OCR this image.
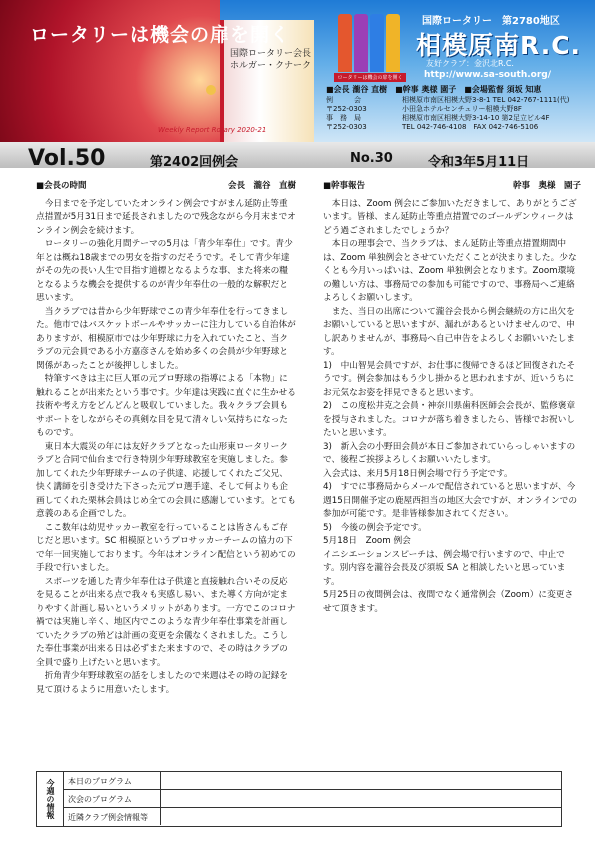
ロータリーは機会の扉を開く
国際ロータリー会長
ホルガー・クナーク
Weekly Report Rotary 2020-21
ロータリーは機会の扉を開く
国際ロータリー　第2780地区
相模原南R.C.
友好クラブ：金沢北R.C.
http://www.sa-south.org/
■会長 瀧谷 直樹　■幹事 奥様 園子　■会場監督 須坂 知恵
例　　　会	相模原市南区相模大野3-8-1 TEL 042-767-1111(代)
〒252-0303	小田急ホテルセンチュリー相模大野8F
事　務　局	相模原市南区相模大野3-14-10 第2足立ビル4F
〒252-0303	TEL 042-746-4108　FAX 042-746-5106
Vol.50	第2402回例会	No.30	令和3年5月11日
■会長の時間	会長　瀧谷　直樹

今日までを予定していたオンライン例会ですがまん延防止等重点措置が5月31日まで延長されましたので残念ながら今月末までオンライン例会を続けます。

ロータリーの強化月間テーマの5月は「青少年奉仕」です。青少年とは概ね18歳までの男女を指すのだそうです。そして青少年達がその先の長い人生で目指す道標となるような事、また将来の糧となるような機会を提供するのが青少年奉仕の一般的な解釈だと思います。

当クラブでは昔から少年野球でこの青少年奉仕を行ってきました。他市ではバスケットボールやサッカーに注力している自治体がありますが、相模原市では少年野球に力を入れていたこと、当クラブの元会員である小方嘉彦さんを始め多くの会員が少年野球と関係があったことが後押ししました。

特筆すべきは主に巨人軍の元プロ野球の指導による「本物」に触れることが出来たという事です。少年達は実践に直ぐに生かせる技術や考え方をどんどんと吸収していました。我々クラブ会員もサポートをしながらその真剣な目を見て清々しい気持ちになったものです。

東日本大震災の年には友好クラブとなった山形東ロータリークラブと合同で仙台まで行き特別少年野球教室を実施しました。参加してくれた少年野球チームの子供達、応援してくれたご父兄、快く講師を引き受けた下さった元プロ選手達、そして何よりも企画してくれた栗林会員はじめ全ての会員に感謝しています。とても意義のある企画でした。

ここ数年は幼児サッカー教室を行っていることは皆さんもご存じだと思います。SC 相模原というプロサッカーチームの協力の下で年一回実施しております。今年はオンライン配信という初めての手段で行いました。

スポーツを通した青少年奉仕は子供達と直接触れ合いその反応を見ることが出来る点で我々も実感し易い、また導く方向が定まりやすく計画し易いというメリットがあります。一方でこのコロナ禍では実施し辛く、地区内でこのような青少年奉仕事業を計画していたクラブの殆どは計画の変更を余儀なくされました。こうした奉仕事業が出来る日は必ずまた来ますので、その時はクラブの全員で盛り上げたいと思います。

折角青少年野球教室の話をしましたので来週はその時の記録を見て頂けるように用意いたします。

■幹事報告	幹事　奥様　園子

本日は、Zoom 例会にご参加いただきまして、ありがとうございます。皆様、まん延防止等重点措置でのゴールデンウィークはどう過ごされましたでしょうか？

本日の理事会で、当クラブは、まん延防止等重点措置期間中は、Zoom 単独例会とさせていただくことが決まりました。少なくとも今月いっぱいは、Zoom 単独例会となります。Zoom環境の難しい方は、事務局での参加も可能ですので、事務局へご連絡よろしくお願いします。

また、当日の出席について瀧谷会長から例会継続の方に出欠をお願いしていると思いますが、漏れがあるといけませんので、申し訳ありませんが、事務局へ自己申告をよろしくお願いいたします。

1)　中山智晃会員ですが、お仕事に復帰できるほど回復されたそうです。例会参加はもう少し掛かると思われますが、近いうちにお元気なお姿を拝見できると思います。

2)　この度松井克之会員・神奈川県歯科医師会会長が、監修褒章を授与されました。コロナが落ち着きましたら、皆様でお祝いしたいと思います。

3)　新入会の小野田会員が本日ご参加されていらっしゃいますので、後程ご挨拶よろしくお願いいたします。

入会式は、来月5月18日例会場で行う予定です。

4)　すでに事務局からメールで配信されていると思いますが、今週15日開催予定の鹿屋西担当の地区大会ですが、オンラインでの参加が可能です。是非皆様参加されてください。

5)　今後の例会予定です。

5月18日　Zoom 例会

イニシエーションスピーチは、例会場で行いますので、中止です。別内容を瀧谷会長及び須坂 SA と相談したいと思っています。

5月25日の夜間例会は、夜間でなく通常例会（Zoom）に変更させて頂きます。

今週の情報	本日のプログラム
次会のプログラム
近隣クラブ例会情報等
